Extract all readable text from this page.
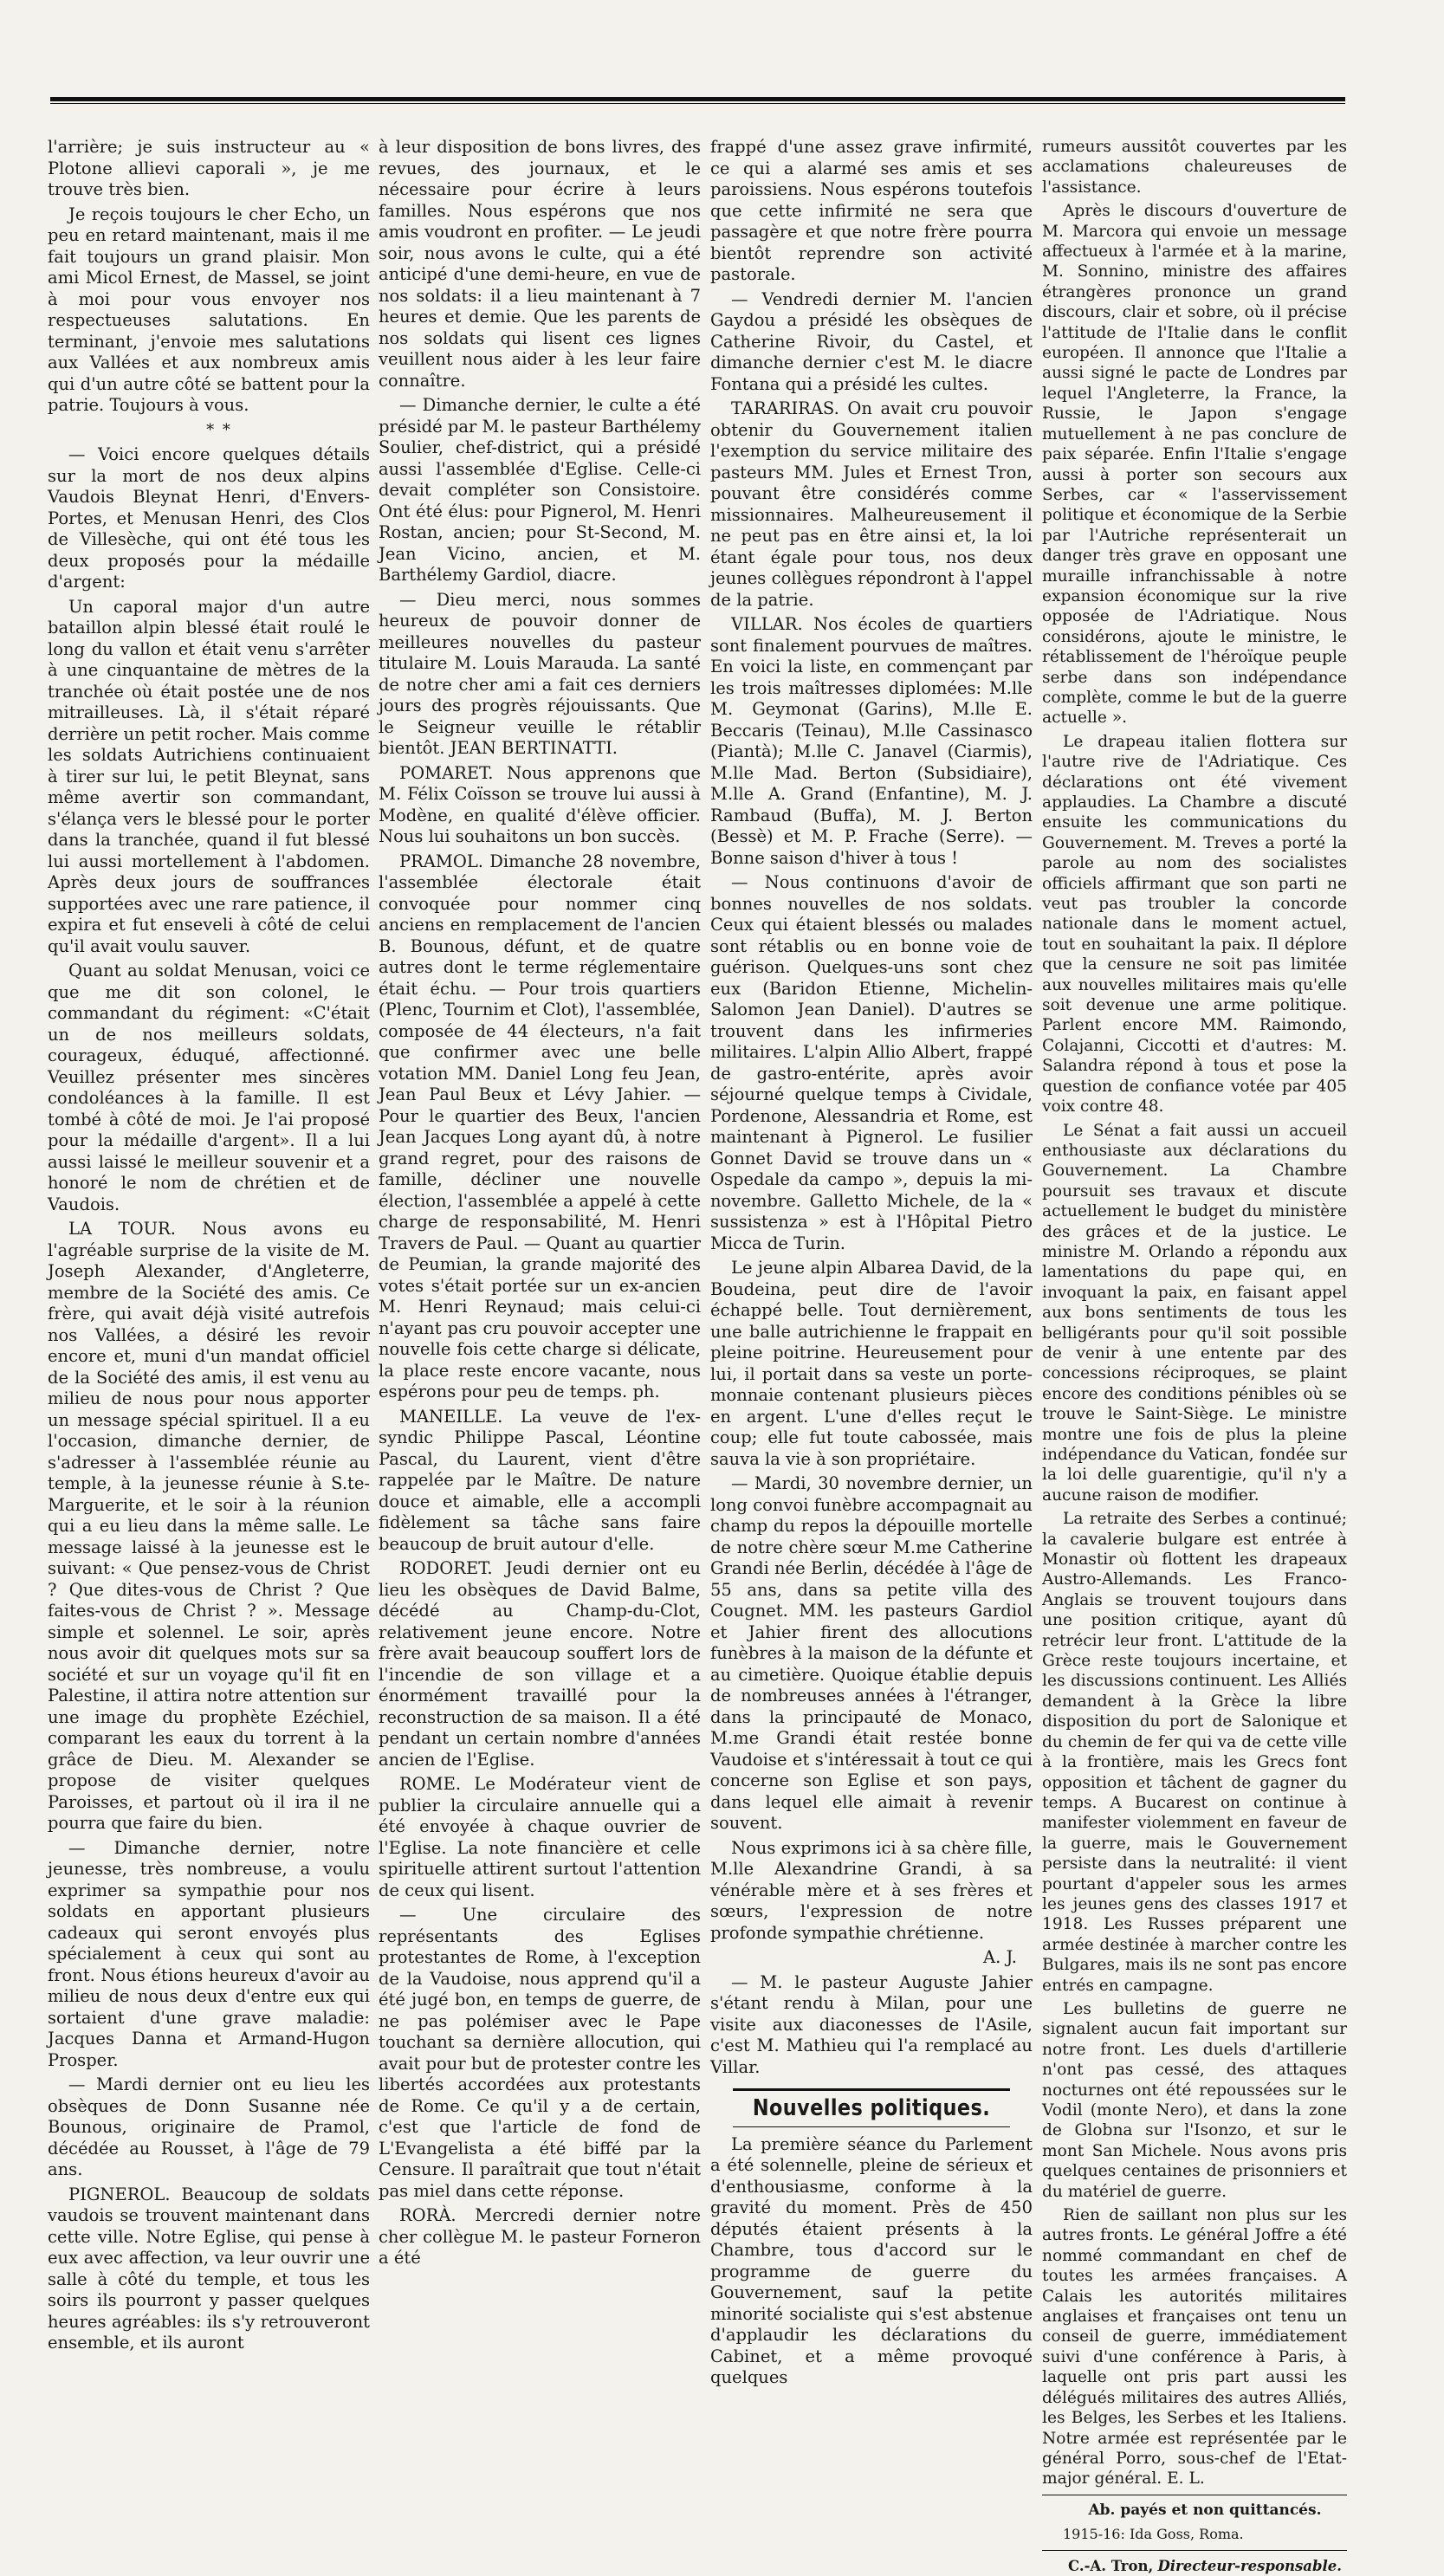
l'arrière; je suis instructeur au « Plotone allievi caporali », je me trouve très bien.

Je reçois toujours le cher Echo, un peu en retard maintenant, mais il me fait toujours un grand plaisir. Mon ami Micol Ernest, de Massel, se joint à moi pour vous envoyer nos respectueuses salutations. En terminant, j'envoie mes salutations aux Vallées et aux nombreux amis qui d'un autre côté se battent pour la patrie. Toujours à vous.

* *

— Voici encore quelques détails sur la mort de nos deux alpins Vaudois Bleynat Henri, d'Envers-Portes, et Menusan Henri, des Clos de Villesèche, qui ont été tous les deux proposés pour la médaille d'argent:

Un caporal major d'un autre bataillon alpin blessé était roulé le long du vallon et était venu s'arrêter à une cinquantaine de mètres de la tranchée où était postée une de nos mitrailleuses. Là, il s'était réparé derrière un petit rocher. Mais comme les soldats Autrichiens continuaient à tirer sur lui, le petit Bleynat, sans même avertir son commandant, s'élança vers le blessé pour le porter dans la tranchée, quand il fut blessé lui aussi mortellement à l'abdomen. Après deux jours de souffrances supportées avec une rare patience, il expira et fut enseveli à côté de celui qu'il avait voulu sauver.

Quant au soldat Menusan, voici ce que me dit son colonel, le commandant du régiment: «C'était un de nos meilleurs soldats, courageux, éduqué, affectionné. Veuillez présenter mes sincères condoléances à la famille. Il est tombé à côté de moi. Je l'ai proposé pour la médaille d'argent». Il a lui aussi laissé le meilleur souvenir et a honoré le nom de chrétien et de Vaudois.

LA TOUR. Nous avons eu l'agréable surprise de la visite de M. Joseph Alexander, d'Angleterre, membre de la Société des amis. Ce frère, qui avait déjà visité autrefois nos Vallées, a désiré les revoir encore et, muni d'un mandat officiel de la Société des amis, il est venu au milieu de nous pour nous apporter un message spécial spirituel. Il a eu l'occasion, dimanche dernier, de s'adresser à l'assemblée réunie au temple, à la jeunesse réunie à S.te-Marguerite, et le soir à la réunion qui a eu lieu dans la même salle. Le message laissé à la jeunesse est le suivant: « Que pensez-vous de Christ ? Que dites-vous de Christ ? Que faites-vous de Christ ? ». Message simple et solennel. Le soir, après nous avoir dit quelques mots sur sa société et sur un voyage qu'il fit en Palestine, il attira notre attention sur une image du prophète Ezéchiel, comparant les eaux du torrent à la grâce de Dieu. M. Alexander se propose de visiter quelques Paroisses, et partout où il ira il ne pourra que faire du bien.

— Dimanche dernier, notre jeunesse, très nombreuse, a voulu exprimer sa sympathie pour nos soldats en apportant plusieurs cadeaux qui seront envoyés plus spécialement à ceux qui sont au front. Nous étions heureux d'avoir au milieu de nous deux d'entre eux qui sortaient d'une grave maladie: Jacques Danna et Armand-Hugon Prosper.

— Mardi dernier ont eu lieu les obsèques de Donn Susanne née Bounous, originaire de Pramol, décédée au Rousset, à l'âge de 79 ans.

PIGNEROL. Beaucoup de soldats vaudois se trouvent maintenant dans cette ville. Notre Eglise, qui pense à eux avec affection, va leur ouvrir une salle à côté du temple, et tous les soirs ils pourront y passer quelques heures agréables: ils s'y retrouveront ensemble, et ils auront

à leur disposition de bons livres, des revues, des journaux, et le nécessaire pour écrire à leurs familles. Nous espérons que nos amis voudront en profiter. — Le jeudi soir, nous avons le culte, qui a été anticipé d'une demi-heure, en vue de nos soldats: il a lieu maintenant à 7 heures et demie. Que les parents de nos soldats qui lisent ces lignes veuillent nous aider à les leur faire connaître.

— Dimanche dernier, le culte a été présidé par M. le pasteur Barthélemy Soulier, chef-district, qui a présidé aussi l'assemblée d'Eglise. Celle-ci devait compléter son Consistoire. Ont été élus: pour Pignerol, M. Henri Rostan, ancien; pour St-Second, M. Jean Vicino, ancien, et M. Barthélemy Gardiol, diacre.

— Dieu merci, nous sommes heureux de pouvoir donner de meilleures nouvelles du pasteur titulaire M. Louis Marauda. La santé de notre cher ami a fait ces derniers jours des progrès réjouissants. Que le Seigneur veuille le rétablir bientôt. JEAN BERTINATTI.

POMARET. Nous apprenons que M. Félix Coïsson se trouve lui aussi à Modène, en qualité d'élève officier. Nous lui souhaitons un bon succès.

PRAMOL. Dimanche 28 novembre, l'assemblée électorale était convoquée pour nommer cinq anciens en remplacement de l'ancien B. Bounous, défunt, et de quatre autres dont le terme réglementaire était échu. — Pour trois quartiers (Plenc, Tournim et Clot), l'assemblée, composée de 44 électeurs, n'a fait que confirmer avec une belle votation MM. Daniel Long feu Jean, Jean Paul Beux et Lévy Jahier. — Pour le quartier des Beux, l'ancien Jean Jacques Long ayant dû, à notre grand regret, pour des raisons de famille, décliner une nouvelle élection, l'assemblée a appelé à cette charge de responsabilité, M. Henri Travers de Paul. — Quant au quartier de Peumian, la grande majorité des votes s'était portée sur un ex-ancien M. Henri Reynaud; mais celui-ci n'ayant pas cru pouvoir accepter une nouvelle fois cette charge si délicate, la place reste encore vacante, nous espérons pour peu de temps. ph.

MANEILLE. La veuve de l'ex-syndic Philippe Pascal, Léontine Pascal, du Laurent, vient d'être rappelée par le Maître. De nature douce et aimable, elle a accompli fidèlement sa tâche sans faire beaucoup de bruit autour d'elle.

RODORET. Jeudi dernier ont eu lieu les obsèques de David Balme, décédé au Champ-du-Clot, relativement jeune encore. Notre frère avait beaucoup souffert lors de l'incendie de son village et a énormément travaillé pour la reconstruction de sa maison. Il a été pendant un certain nombre d'années ancien de l'Eglise.

ROME. Le Modérateur vient de publier la circulaire annuelle qui a été envoyée à chaque ouvrier de l'Eglise. La note financière et celle spirituelle attirent surtout l'attention de ceux qui lisent.

— Une circulaire des représentants des Eglises protestantes de Rome, à l'exception de la Vaudoise, nous apprend qu'il a été jugé bon, en temps de guerre, de ne pas polémiser avec le Pape touchant sa dernière allocution, qui avait pour but de protester contre les libertés accordées aux protestants de Rome. Ce qu'il y a de certain, c'est que l'article de fond de L'Evangelista a été biffé par la Censure. Il paraîtrait que tout n'était pas miel dans cette réponse.

RORÀ. Mercredi dernier notre cher collègue M. le pasteur Forneron a été

frappé d'une assez grave infirmité, ce qui a alarmé ses amis et ses paroissiens. Nous espérons toutefois que cette infirmité ne sera que passagère et que notre frère pourra bientôt reprendre son activité pastorale.

— Vendredi dernier M. l'ancien Gaydou a présidé les obsèques de Catherine Rivoir, du Castel, et dimanche dernier c'est M. le diacre Fontana qui a présidé les cultes.

TARARIRAS. On avait cru pouvoir obtenir du Gouvernement italien l'exemption du service militaire des pasteurs MM. Jules et Ernest Tron, pouvant être considérés comme missionnaires. Malheureusement il ne peut pas en être ainsi et, la loi étant égale pour tous, nos deux jeunes collègues répondront à l'appel de la patrie.

VILLAR. Nos écoles de quartiers sont finalement pourvues de maîtres. En voici la liste, en commençant par les trois maîtresses diplomées: M.lle M. Geymonat (Garins), M.lle E. Beccaris (Teinau), M.lle Cassinasco (Piantà); M.lle C. Janavel (Ciarmis), M.lle Mad. Berton (Subsidiaire), M.lle A. Grand (Enfantine), M. J. Rambaud (Buffa), M. J. Berton (Bessè) et M. P. Frache (Serre). — Bonne saison d'hiver à tous !

— Nous continuons d'avoir de bonnes nouvelles de nos soldats. Ceux qui étaient blessés ou malades sont rétablis ou en bonne voie de guérison. Quelques-uns sont chez eux (Baridon Etienne, Michelin-Salomon Jean Daniel). D'autres se trouvent dans les infirmeries militaires. L'alpin Allio Albert, frappé de gastro-entérite, après avoir séjourné quelque temps à Cividale, Pordenone, Alessandria et Rome, est maintenant à Pignerol. Le fusilier Gonnet David se trouve dans un « Ospedale da campo », depuis la mi-novembre. Galletto Michele, de la « sussistenza » est à l'Hôpital Pietro Micca de Turin.

Le jeune alpin Albarea David, de la Boudeina, peut dire de l'avoir échappé belle. Tout dernièrement, une balle autrichienne le frappait en pleine poitrine. Heureusement pour lui, il portait dans sa veste un porte-monnaie contenant plusieurs pièces en argent. L'une d'elles reçut le coup; elle fut toute cabossée, mais sauva la vie à son propriétaire.

— Mardi, 30 novembre dernier, un long convoi funèbre accompagnait au champ du repos la dépouille mortelle de notre chère sœur M.me Catherine Grandi née Berlin, décédée à l'âge de 55 ans, dans sa petite villa des Cougnet. MM. les pasteurs Gardiol et Jahier firent des allocutions funèbres à la maison de la défunte et au cimetière. Quoique établie depuis de nombreuses années à l'étranger, dans la principauté de Monaco, M.me Grandi était restée bonne Vaudoise et s'intéressait à tout ce qui concerne son Eglise et son pays, dans lequel elle aimait à revenir souvent.

Nous exprimons ici à sa chère fille, M.lle Alexandrine Grandi, à sa vénérable mère et à ses frères et sœurs, l'expression de notre profonde sympathie chrétienne.

A. J.

— M. le pasteur Auguste Jahier s'étant rendu à Milan, pour une visite aux diaconesses de l'Asile, c'est M. Mathieu qui l'a remplacé au Villar.

Nouvelles politiques.

La première séance du Parlement a été solennelle, pleine de sérieux et d'enthousiasme, conforme à la gravité du moment. Près de 450 députés étaient présents à la Chambre, tous d'accord sur le programme de guerre du Gouvernement, sauf la petite minorité socialiste qui s'est abstenue d'applaudir les déclarations du Cabinet, et a même provoqué quelques

rumeurs aussitôt couvertes par les acclamations chaleureuses de l'assistance.

Après le discours d'ouverture de M. Marcora qui envoie un message affectueux à l'armée et à la marine, M. Sonnino, ministre des affaires étrangères prononce un grand discours, clair et sobre, où il précise l'attitude de l'Italie dans le conflit européen. Il annonce que l'Italie a aussi signé le pacte de Londres par lequel l'Angleterre, la France, la Russie, le Japon s'engage mutuellement à ne pas conclure de paix séparée. Enfin l'Italie s'engage aussi à porter son secours aux Serbes, car « l'asservissement politique et économique de la Serbie par l'Autriche représenterait un danger très grave en opposant une muraille infranchissable à notre expansion économique sur la rive opposée de l'Adriatique. Nous considérons, ajoute le ministre, le rétablissement de l'héroïque peuple serbe dans son indépendance complète, comme le but de la guerre actuelle ».

Le drapeau italien flottera sur l'autre rive de l'Adriatique. Ces déclarations ont été vivement applaudies. La Chambre a discuté ensuite les communications du Gouvernement. M. Treves a porté la parole au nom des socialistes officiels affirmant que son parti ne veut pas troubler la concorde nationale dans le moment actuel, tout en souhaitant la paix. Il déplore que la censure ne soit pas limitée aux nouvelles militaires mais qu'elle soit devenue une arme politique. Parlent encore MM. Raimondo, Colajanni, Ciccotti et d'autres: M. Salandra répond à tous et pose la question de confiance votée par 405 voix contre 48.

Le Sénat a fait aussi un accueil enthousiaste aux déclarations du Gouvernement. La Chambre poursuit ses travaux et discute actuellement le budget du ministère des grâces et de la justice. Le ministre M. Orlando a répondu aux lamentations du pape qui, en invoquant la paix, en faisant appel aux bons sentiments de tous les belligérants pour qu'il soit possible de venir à une entente par des concessions réciproques, se plaint encore des conditions pénibles où se trouve le Saint-Siège. Le ministre montre une fois de plus la pleine indépendance du Vatican, fondée sur la loi delle guarentigie, qu'il n'y a aucune raison de modifier.

La retraite des Serbes a continué; la cavalerie bulgare est entrée à Monastir où flottent les drapeaux Austro-Allemands. Les Franco-Anglais se trouvent toujours dans une position critique, ayant dû retrécir leur front. L'attitude de la Grèce reste toujours incertaine, et les discussions continuent. Les Alliés demandent à la Grèce la libre disposition du port de Salonique et du chemin de fer qui va de cette ville à la frontière, mais les Grecs font opposition et tâchent de gagner du temps. A Bucarest on continue à manifester violemment en faveur de la guerre, mais le Gouvernement persiste dans la neutralité: il vient pourtant d'appeler sous les armes les jeunes gens des classes 1917 et 1918. Les Russes préparent une armée destinée à marcher contre les Bulgares, mais ils ne sont pas encore entrés en campagne.

Les bulletins de guerre ne signalent aucun fait important sur notre front. Les duels d'artillerie n'ont pas cessé, des attaques nocturnes ont été repoussées sur le Vodil (monte Nero), et dans la zone de Globna sur l'Isonzo, et sur le mont San Michele. Nous avons pris quelques centaines de prisonniers et du matériel de guerre.

Rien de saillant non plus sur les autres fronts. Le général Joffre a été nommé commandant en chef de toutes les armées françaises. A Calais les autorités militaires anglaises et françaises ont tenu un conseil de guerre, immédiatement suivi d'une conférence à Paris, à laquelle ont pris part aussi les délégués militaires des autres Alliés, les Belges, les Serbes et les Italiens. Notre armée est représentée par le général Porro, sous-chef de l'Etat-major général. E. L.

Ab. payés et non quittancés.

1915-16: Ida Goss, Roma.

C.-A. Tron, Directeur-responsable.
